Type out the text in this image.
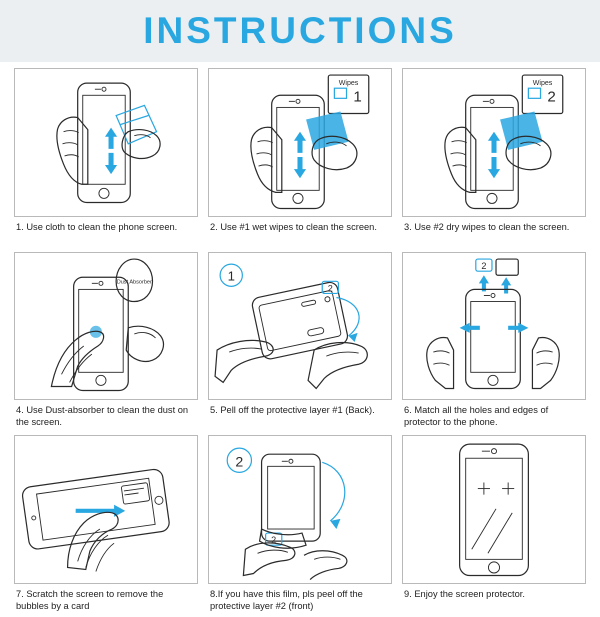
INSTRUCTIONS
1. Use cloth to clean the phone screen.
Wipes
1
2. Use #1 wet wipes to clean the screen.
Wipes
2
3. Use #2 dry wipes to clean the screen.
Dust Absorber
4. Use Dust-absorber to clean the dust on the screen.
1
2
5. Pell off the protective layer #1 (Back).
2
6. Match all the holes and edges of protector to the phone.
7. Scratch the screen to remove the bubbles by a card
2
2
8.If you have this film, pls peel off the protective layer #2 (front)
9. Enjoy the screen protector.
